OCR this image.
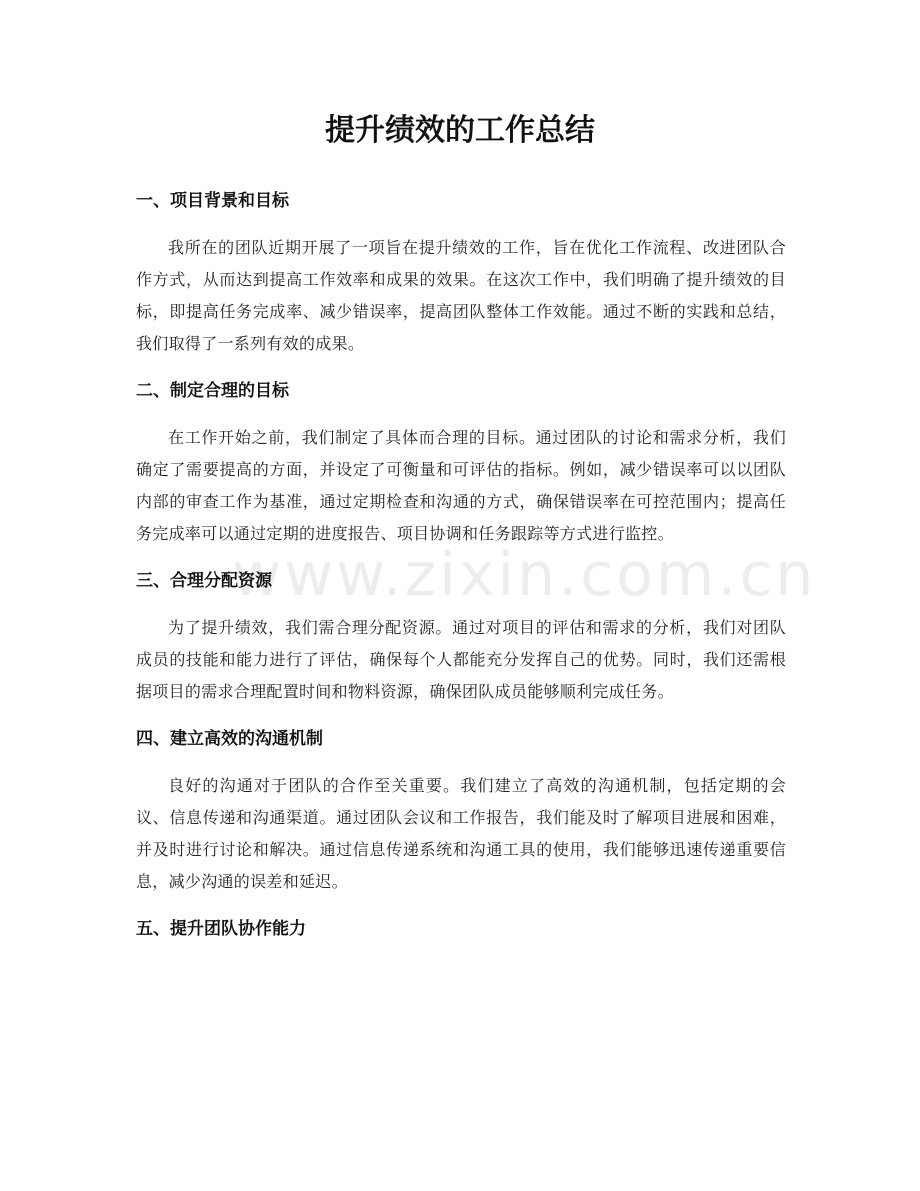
提升绩效的工作总结
一、项目背景和目标

我所在的团队近期开展了一项旨在提升绩效的工作，旨在优化工作流程、改进团队合作方式，从而达到提高工作效率和成果的效果。在这次工作中，我们明确了提升绩效的目标，即提高任务完成率、减少错误率，提高团队整体工作效能。通过不断的实践和总结，我们取得了一系列有效的成果。

二、制定合理的目标

在工作开始之前，我们制定了具体而合理的目标。通过团队的讨论和需求分析，我们确定了需要提高的方面，并设定了可衡量和可评估的指标。例如，减少错误率可以以团队内部的审查工作为基准，通过定期检查和沟通的方式，确保错误率在可控范围内；提高任务完成率可以通过定期的进度报告、项目协调和任务跟踪等方式进行监控。

三、合理分配资源

为了提升绩效，我们需合理分配资源。通过对项目的评估和需求的分析，我们对团队成员的技能和能力进行了评估，确保每个人都能充分发挥自己的优势。同时，我们还需根据项目的需求合理配置时间和物料资源，确保团队成员能够顺利完成任务。

四、建立高效的沟通机制

良好的沟通对于团队的合作至关重要。我们建立了高效的沟通机制，包括定期的会议、信息传递和沟通渠道。通过团队会议和工作报告，我们能及时了解项目进展和困难，并及时进行讨论和解决。通过信息传递系统和沟通工具的使用，我们能够迅速传递重要信息，减少沟通的误差和延迟。

五、提升团队协作能力
www.zixin.com.cn
